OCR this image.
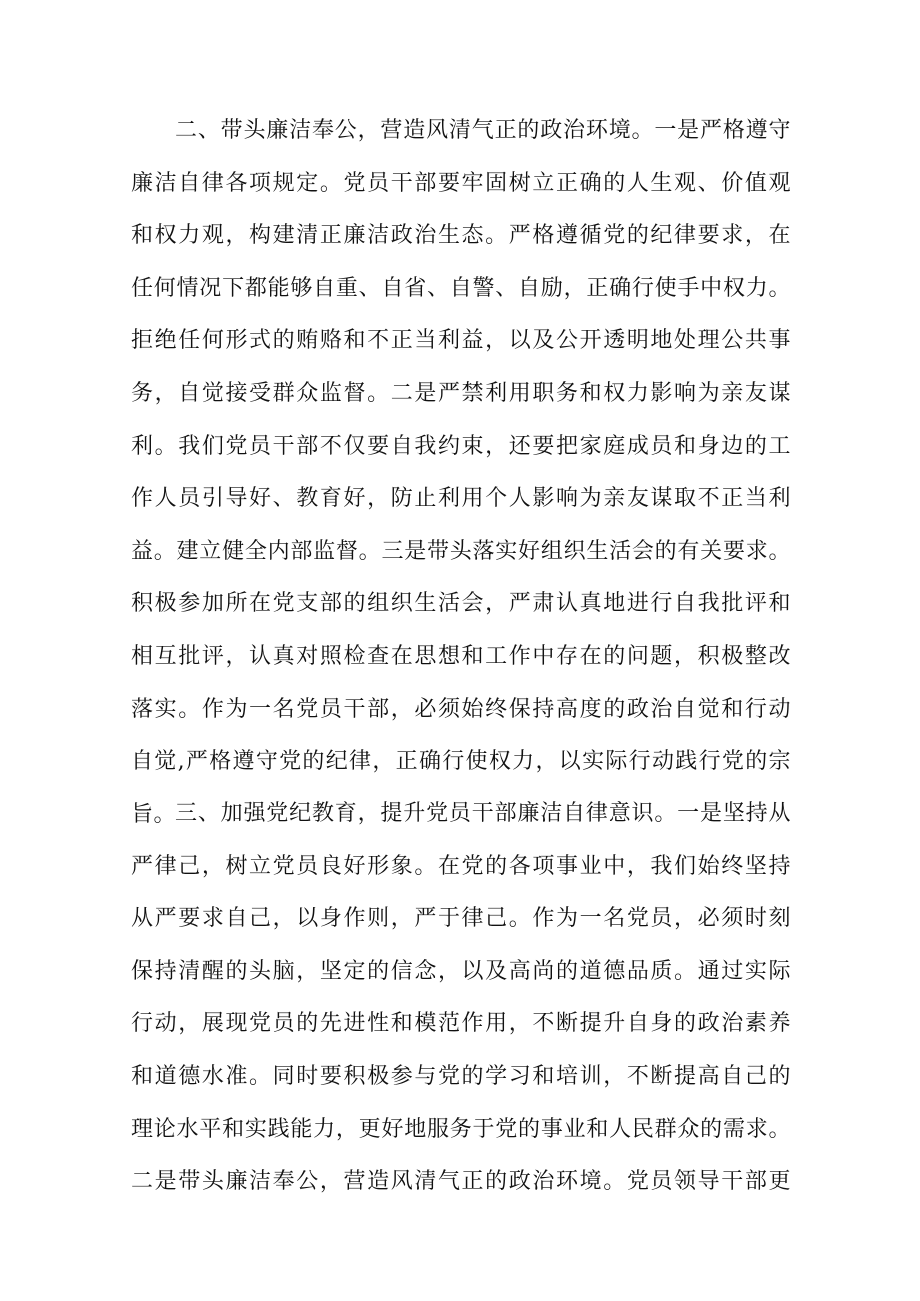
二、带头廉洁奉公，营造风清气正的政治环境。一是严格遵守
廉洁自律各项规定。党员干部要牢固树立正确的人生观、价值观
和权力观，构建清正廉洁政治生态。严格遵循党的纪律要求，在
任何情况下都能够自重、自省、自警、自励，正确行使手中权力。
拒绝任何形式的贿赂和不正当利益，以及公开透明地处理公共事
务，自觉接受群众监督。二是严禁利用职务和权力影响为亲友谋
利。我们党员干部不仅要自我约束，还要把家庭成员和身边的工
作人员引导好、教育好，防止利用个人影响为亲友谋取不正当利
益。建立健全内部监督。三是带头落实好组织生活会的有关要求。
积极参加所在党支部的组织生活会，严肃认真地进行自我批评和
相互批评，认真对照检查在思想和工作中存在的问题，积极整改
落实。作为一名党员干部，必须始终保持高度的政治自觉和行动
自觉,严格遵守党的纪律，正确行使权力，以实际行动践行党的宗
旨。
三、加强党纪教育，提升党员干部廉洁自律意识。一是坚持从
严律己，树立党员良好形象。在党的各项事业中，我们始终坚持
从严要求自己，以身作则，严于律己。作为一名党员，必须时刻
保持清醒的头脑，坚定的信念，以及高尚的道德品质。通过实际
行动，展现党员的先进性和模范作用，不断提升自身的政治素养
和道德水准。同时要积极参与党的学习和培训，不断提高自己的
理论水平和实践能力，更好地服务于党的事业和人民群众的需求。
二是带头廉洁奉公，营造风清气正的政治环境。党员领导干部更
